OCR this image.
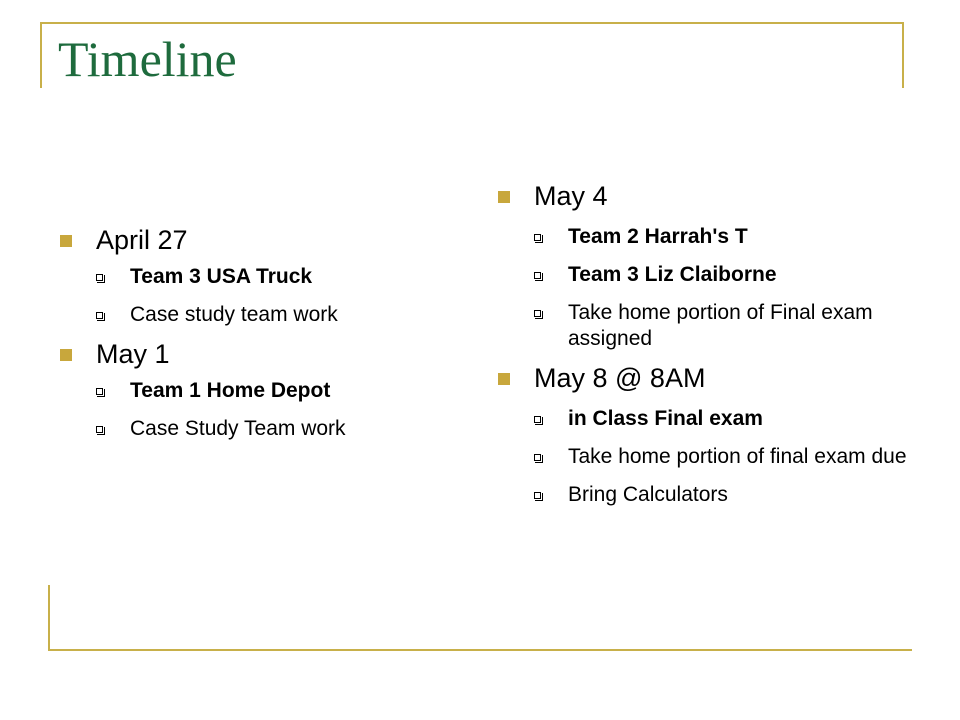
Timeline
April 27
Team 3 USA Truck
Case study team work
May 1
Team 1 Home Depot
Case Study Team work
May 4
Team 2 Harrah's T
Team 3 Liz Claiborne
Take home portion of Final exam assigned
May 8 @ 8AM
in Class Final exam
Take home portion of final exam due
Bring Calculators
